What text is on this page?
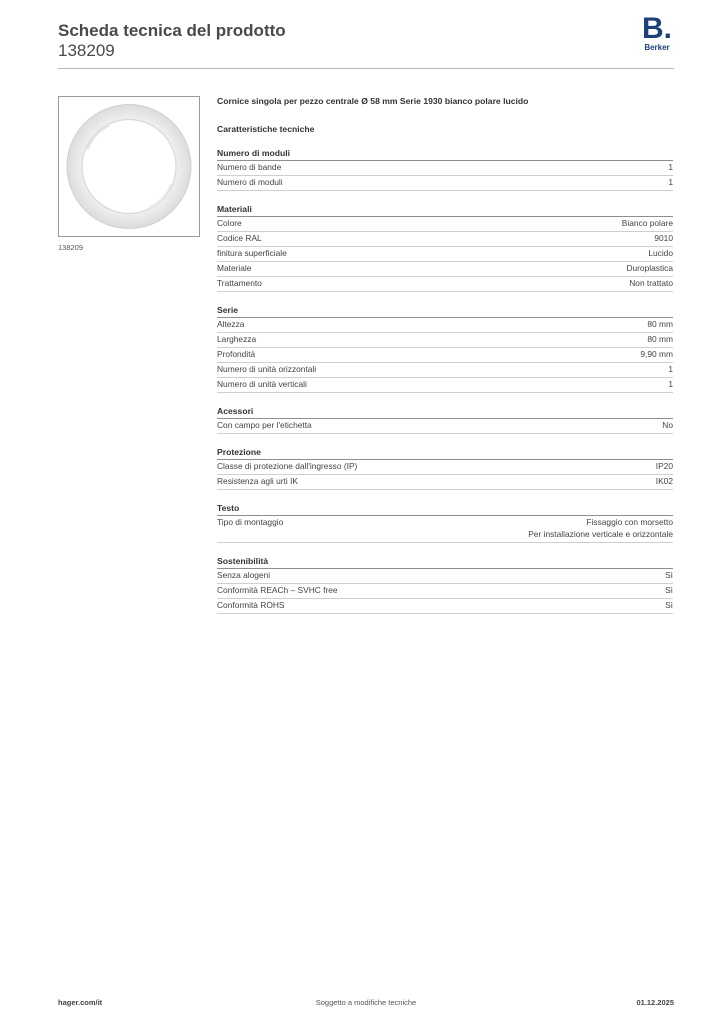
Scheda tecnica del prodotto
138209
B.
Berker
138209
Cornice singola per pezzo centrale Ø 58 mm Serie 1930 bianco polare lucido
Caratteristiche tecniche
Numero di moduli
Numero di bande	1
Numero di moduli	1
Materiali
Colore	Bianco polare
Codice RAL	9010
finitura superficiale	Lucido
Materiale	Duroplastica
Trattamento	Non trattato
Serie
Altezza	80 mm
Larghezza	80 mm
Profondità	9,90 mm
Numero di unità orizzontali	1
Numero di unità verticali	1
Acessori
Con campo per l'etichetta	No
Protezione
Classe di protezione dall'ingresso (IP)	IP20
Resistenza agli urti IK	IK02
Testo
Tipo di montaggio	Fissaggio con morsetto
Per installazione verticale e orizzontale
Sostenibilità
Senza alogeni	Sì
Conformità REACh – SVHC free	Sì
Conformità ROHS	Sì
hager.com/it	Soggetto a modifiche tecniche	01.12.2025
